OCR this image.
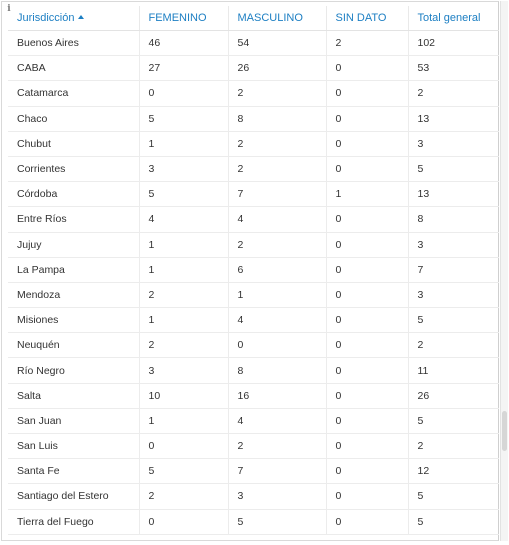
i
Jurisdicción	FEMENINO	MASCULINO	SIN DATO	Total general
Buenos Aires	46	54	2	102
CABA	27	26	0	53
Catamarca	0	2	0	2
Chaco	5	8	0	13
Chubut	1	2	0	3
Corrientes	3	2	0	5
Córdoba	5	7	1	13
Entre Ríos	4	4	0	8
Jujuy	1	2	0	3
La Pampa	1	6	0	7
Mendoza	2	1	0	3
Misiones	1	4	0	5
Neuquén	2	0	0	2
Río Negro	3	8	0	11
Salta	10	16	0	26
San Juan	1	4	0	5
San Luis	0	2	0	2
Santa Fe	5	7	0	12
Santiago del Estero	2	3	0	5
Tierra del Fuego	0	5	0	5
